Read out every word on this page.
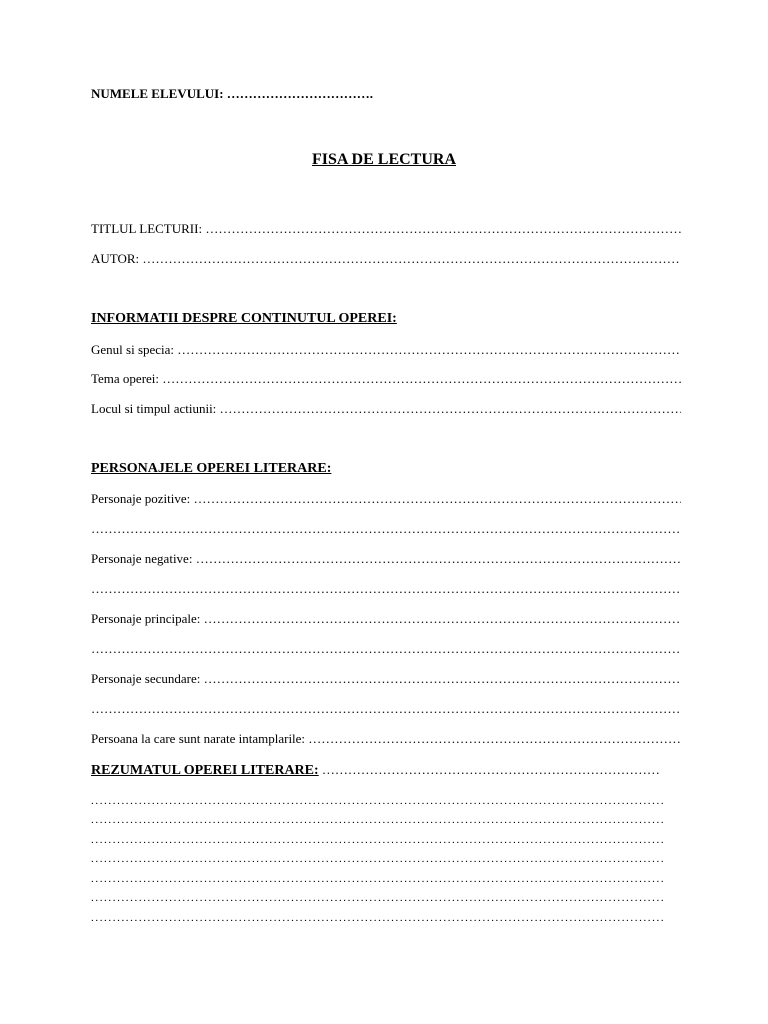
NUMELE ELEVULUI: …………………………….
FISA DE LECTURA
TITLUL LECTURII: ……………………………………………………………………………………………………………………………………………………………………
AUTOR: ……………………………………………………………………………………………………………………………………………………………………
INFORMATII DESPRE CONTINUTUL OPEREI:
Genul si specia: ……………………………………………………………………………………………………………………………………………………………………
Tema operei: ……………………………………………………………………………………………………………………………………………………………………
Locul si timpul actiunii: ……………………………………………………………………………………………………………………………………………………………………
PERSONAJELE OPEREI LITERARE:
Personaje pozitive: ……………………………………………………………………………………………………………………………………………………………………
……………………………………………………………………………………………………………………………………………………………………
Personaje negative: ……………………………………………………………………………………………………………………………………………………………………
……………………………………………………………………………………………………………………………………………………………………
Personaje principale: ……………………………………………………………………………………………………………………………………………………………………
……………………………………………………………………………………………………………………………………………………………………
Personaje secundare: ……………………………………………………………………………………………………………………………………………………………………
……………………………………………………………………………………………………………………………………………………………………
Persoana la care sunt narate intamplarile: ……………………………………………………………………………………………………………………………………………………………………
REZUMATUL OPEREI LITERARE: ……………………………………………………………………………………………………………………………………………………………………
.....
.....
.....
.....
.....
.....
.....
